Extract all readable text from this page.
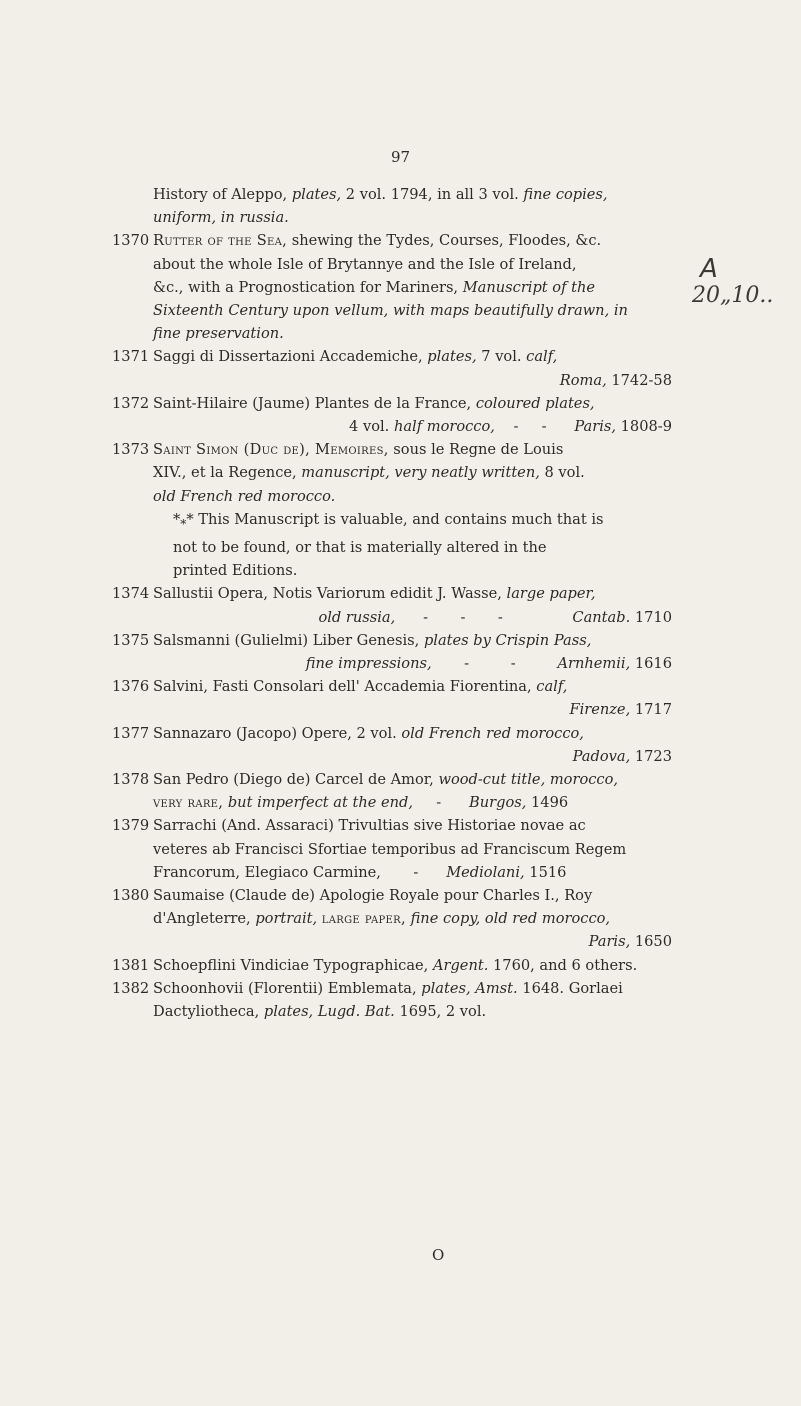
97
History of Aleppo, plates, 2 vol. 1794, in all 3 vol. fine copies,
uniform, in russia.
1370 Rutter of the Sea, shewing the Tydes, Courses, Floodes, &c.
about the whole Isle of Brytannye and the Isle of Ireland,
&c., with a Prognostication for Mariners, Manuscript of the
Sixteenth Century upon vellum, with maps beautifully drawn, in
fine preservation.
1371 Saggi di Dissertazioni Accademiche, plates, 7 vol. calf,
Roma, 1742-58
1372 Saint-Hilaire (Jaume) Plantes de la France, coloured plates,
4 vol. half morocco,    -     -      Paris, 1808-9
1373 Saint Simon (Duc de), Memoires, sous le Regne de Louis
XIV., et la Regence, manuscript, very neatly written, 8 vol.
old French red morocco.
$*_**$ This Manuscript is valuable, and contains much that is
not to be found, or that is materially altered in the
printed Editions.
1374 Sallustii Opera, Notis Variorum edidit J. Wasse, large paper,
old russia,      -       -       -               Cantab. 1710
1375 Salsmanni (Gulielmi) Liber Genesis, plates by Crispin Pass,
fine impressions,       -         -         Arnhemii, 1616
1376 Salvini, Fasti Consolari dell' Accademia Fiorentina, calf,
Firenze, 1717
1377 Sannazaro (Jacopo) Opere, 2 vol. old French red morocco,
Padova, 1723
1378 San Pedro (Diego de) Carcel de Amor, wood-cut title, morocco,
very rare, but imperfect at the end,     -      Burgos, 1496
1379 Sarrachi (And. Assaraci) Trivultias sive Historiae novae ac
veteres ab Francisci Sfortiae temporibus ad Franciscum Regem
Francorum, Elegiaco Carmine,       -      Mediolani, 1516
1380 Saumaise (Claude de) Apologie Royale pour Charles I., Roy
d'Angleterre, portrait, large paper, fine copy, old red morocco,
Paris, 1650
1381 Schoepflini Vindiciae Typographicae, Argent. 1760, and 6 others.
1382 Schoonhovii (Florentii) Emblemata, plates, Amst. 1648. Gorlaei
Dactyliotheca, plates, Lugd. Bat. 1695, 2 vol.
A
20„10..
O
